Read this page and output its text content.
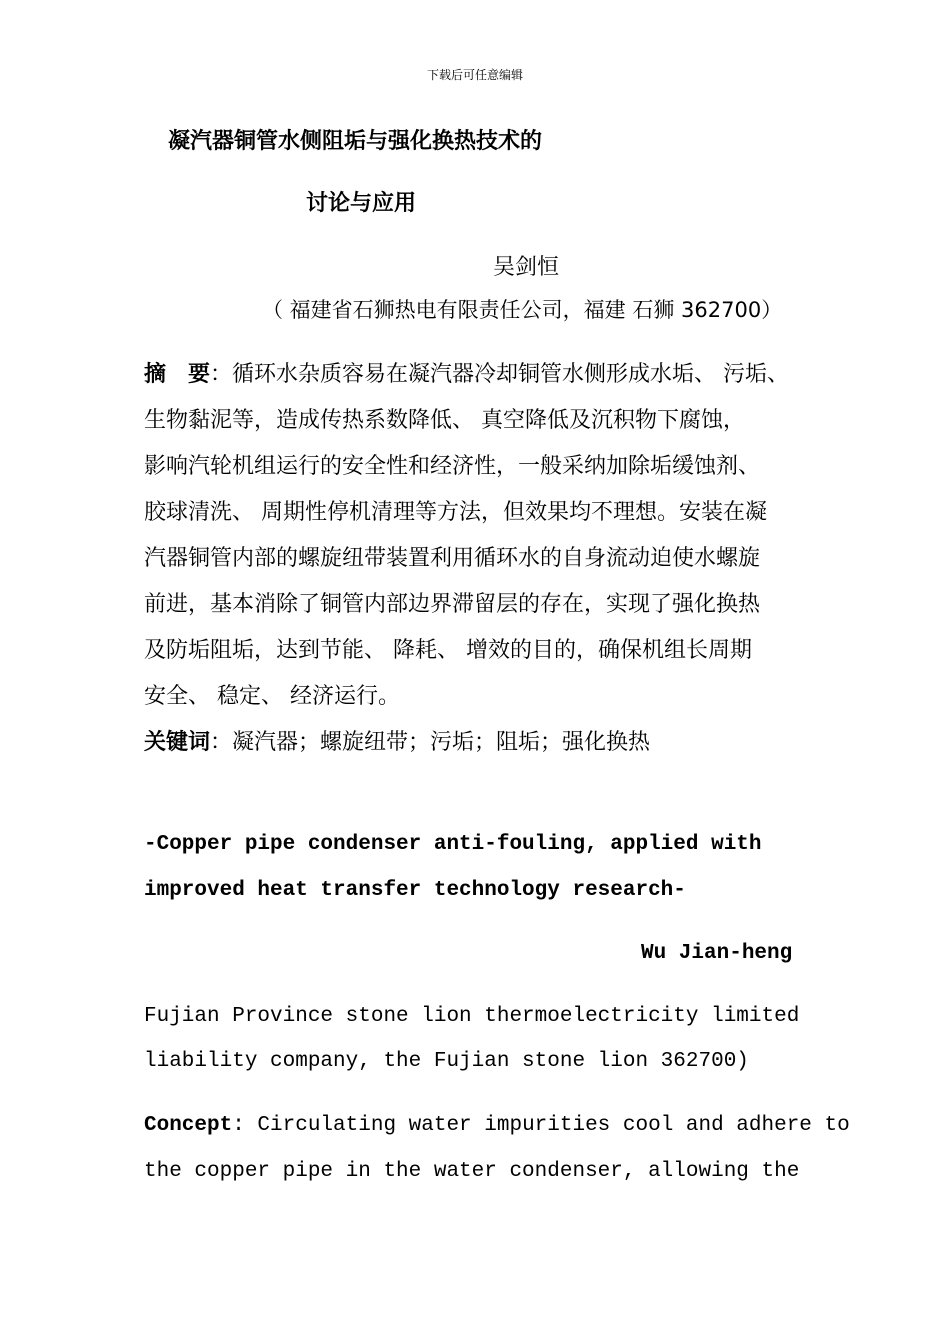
下载后可任意编辑
凝汽器铜管水侧阻垢与强化换热技术的
讨论与应用
吴剑恒
（ 福建省石狮热电有限责任公司，福建 石狮 362700）
摘　要：循环水杂质容易在凝汽器冷却铜管水侧形成水垢、 污垢、
生物黏泥等，造成传热系数降低、 真空降低及沉积物下腐蚀，
影响汽轮机组运行的安全性和经济性，一般采纳加除垢缓蚀剂、
胶球清洗、 周期性停机清理等方法，但效果均不理想。安装在凝
汽器铜管内部的螺旋纽带装置利用循环水的自身流动迫使水螺旋
前进，基本消除了铜管内部边界滞留层的存在，实现了强化换热
及防垢阻垢，达到节能、 降耗、 增效的目的，确保机组长周期
安全、 稳定、 经济运行。
关键词：凝汽器；螺旋纽带；污垢；阻垢；强化换热
-Copper pipe condenser anti-fouling, applied with
improved heat transfer technology research-
Wu Jian-heng
Fujian Province stone lion thermoelectricity limited
liability company, the Fujian stone lion 362700)
Concept: Circulating water impurities cool and adhere to
the copper pipe in the water condenser, allowing the
